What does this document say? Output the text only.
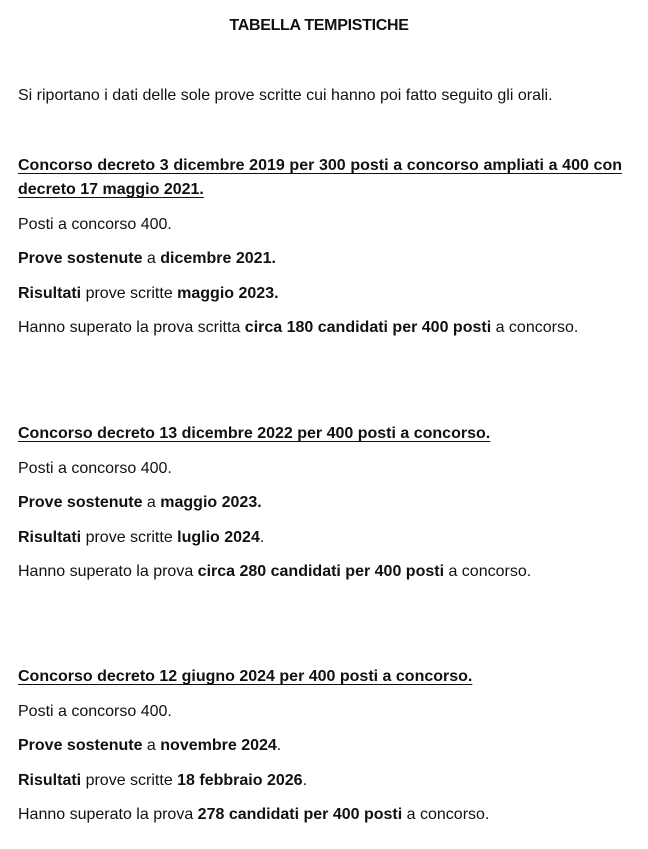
TABELLA TEMPISTICHE
Si riportano i dati delle sole prove scritte cui hanno poi fatto seguito gli orali.

Concorso decreto 3 dicembre 2019 per 300 posti a concorso ampliati a 400 con decreto 17 maggio 2021.

Posti a concorso 400.

Prove sostenute a dicembre 2021.

Risultati prove scritte maggio 2023.

Hanno superato la prova scritta circa 180 candidati per 400 posti a concorso.

Concorso decreto 13 dicembre 2022 per 400 posti a concorso.

Posti a concorso 400.

Prove sostenute a maggio 2023.

Risultati prove scritte luglio 2024.

Hanno superato la prova circa 280 candidati per 400 posti a concorso.

Concorso decreto 12 giugno 2024 per 400 posti a concorso.

Posti a concorso 400.

Prove sostenute a novembre 2024.

Risultati prove scritte 18 febbraio 2026.

Hanno superato la prova 278 candidati per 400 posti a concorso.
